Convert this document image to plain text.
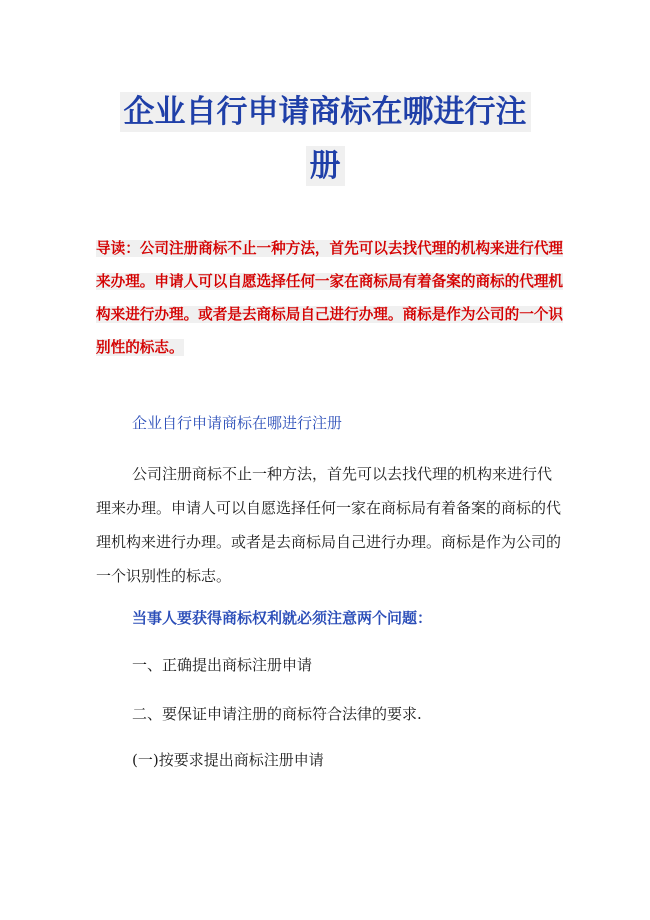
企业自行申请商标在哪进行注
册

导读：公司注册商标不止一种方法，首先可以去找代理的机构来进行代理来办理。申请人可以自愿选择任何一家在商标局有着备案的商标的代理机构来进行办理。或者是去商标局自己进行办理。商标是作为公司的一个识别性的标志。

企业自行申请商标在哪进行注册

公司注册商标不止一种方法，首先可以去找代理的机构来进行代理来办理。申请人可以自愿选择任何一家在商标局有着备案的商标的代理机构来进行办理。或者是去商标局自己进行办理。商标是作为公司的一个识别性的标志。

当事人要获得商标权利就必须注意两个问题：

一、正确提出商标注册申请

二、要保证申请注册的商标符合法律的要求.

(一)按要求提出商标注册申请
